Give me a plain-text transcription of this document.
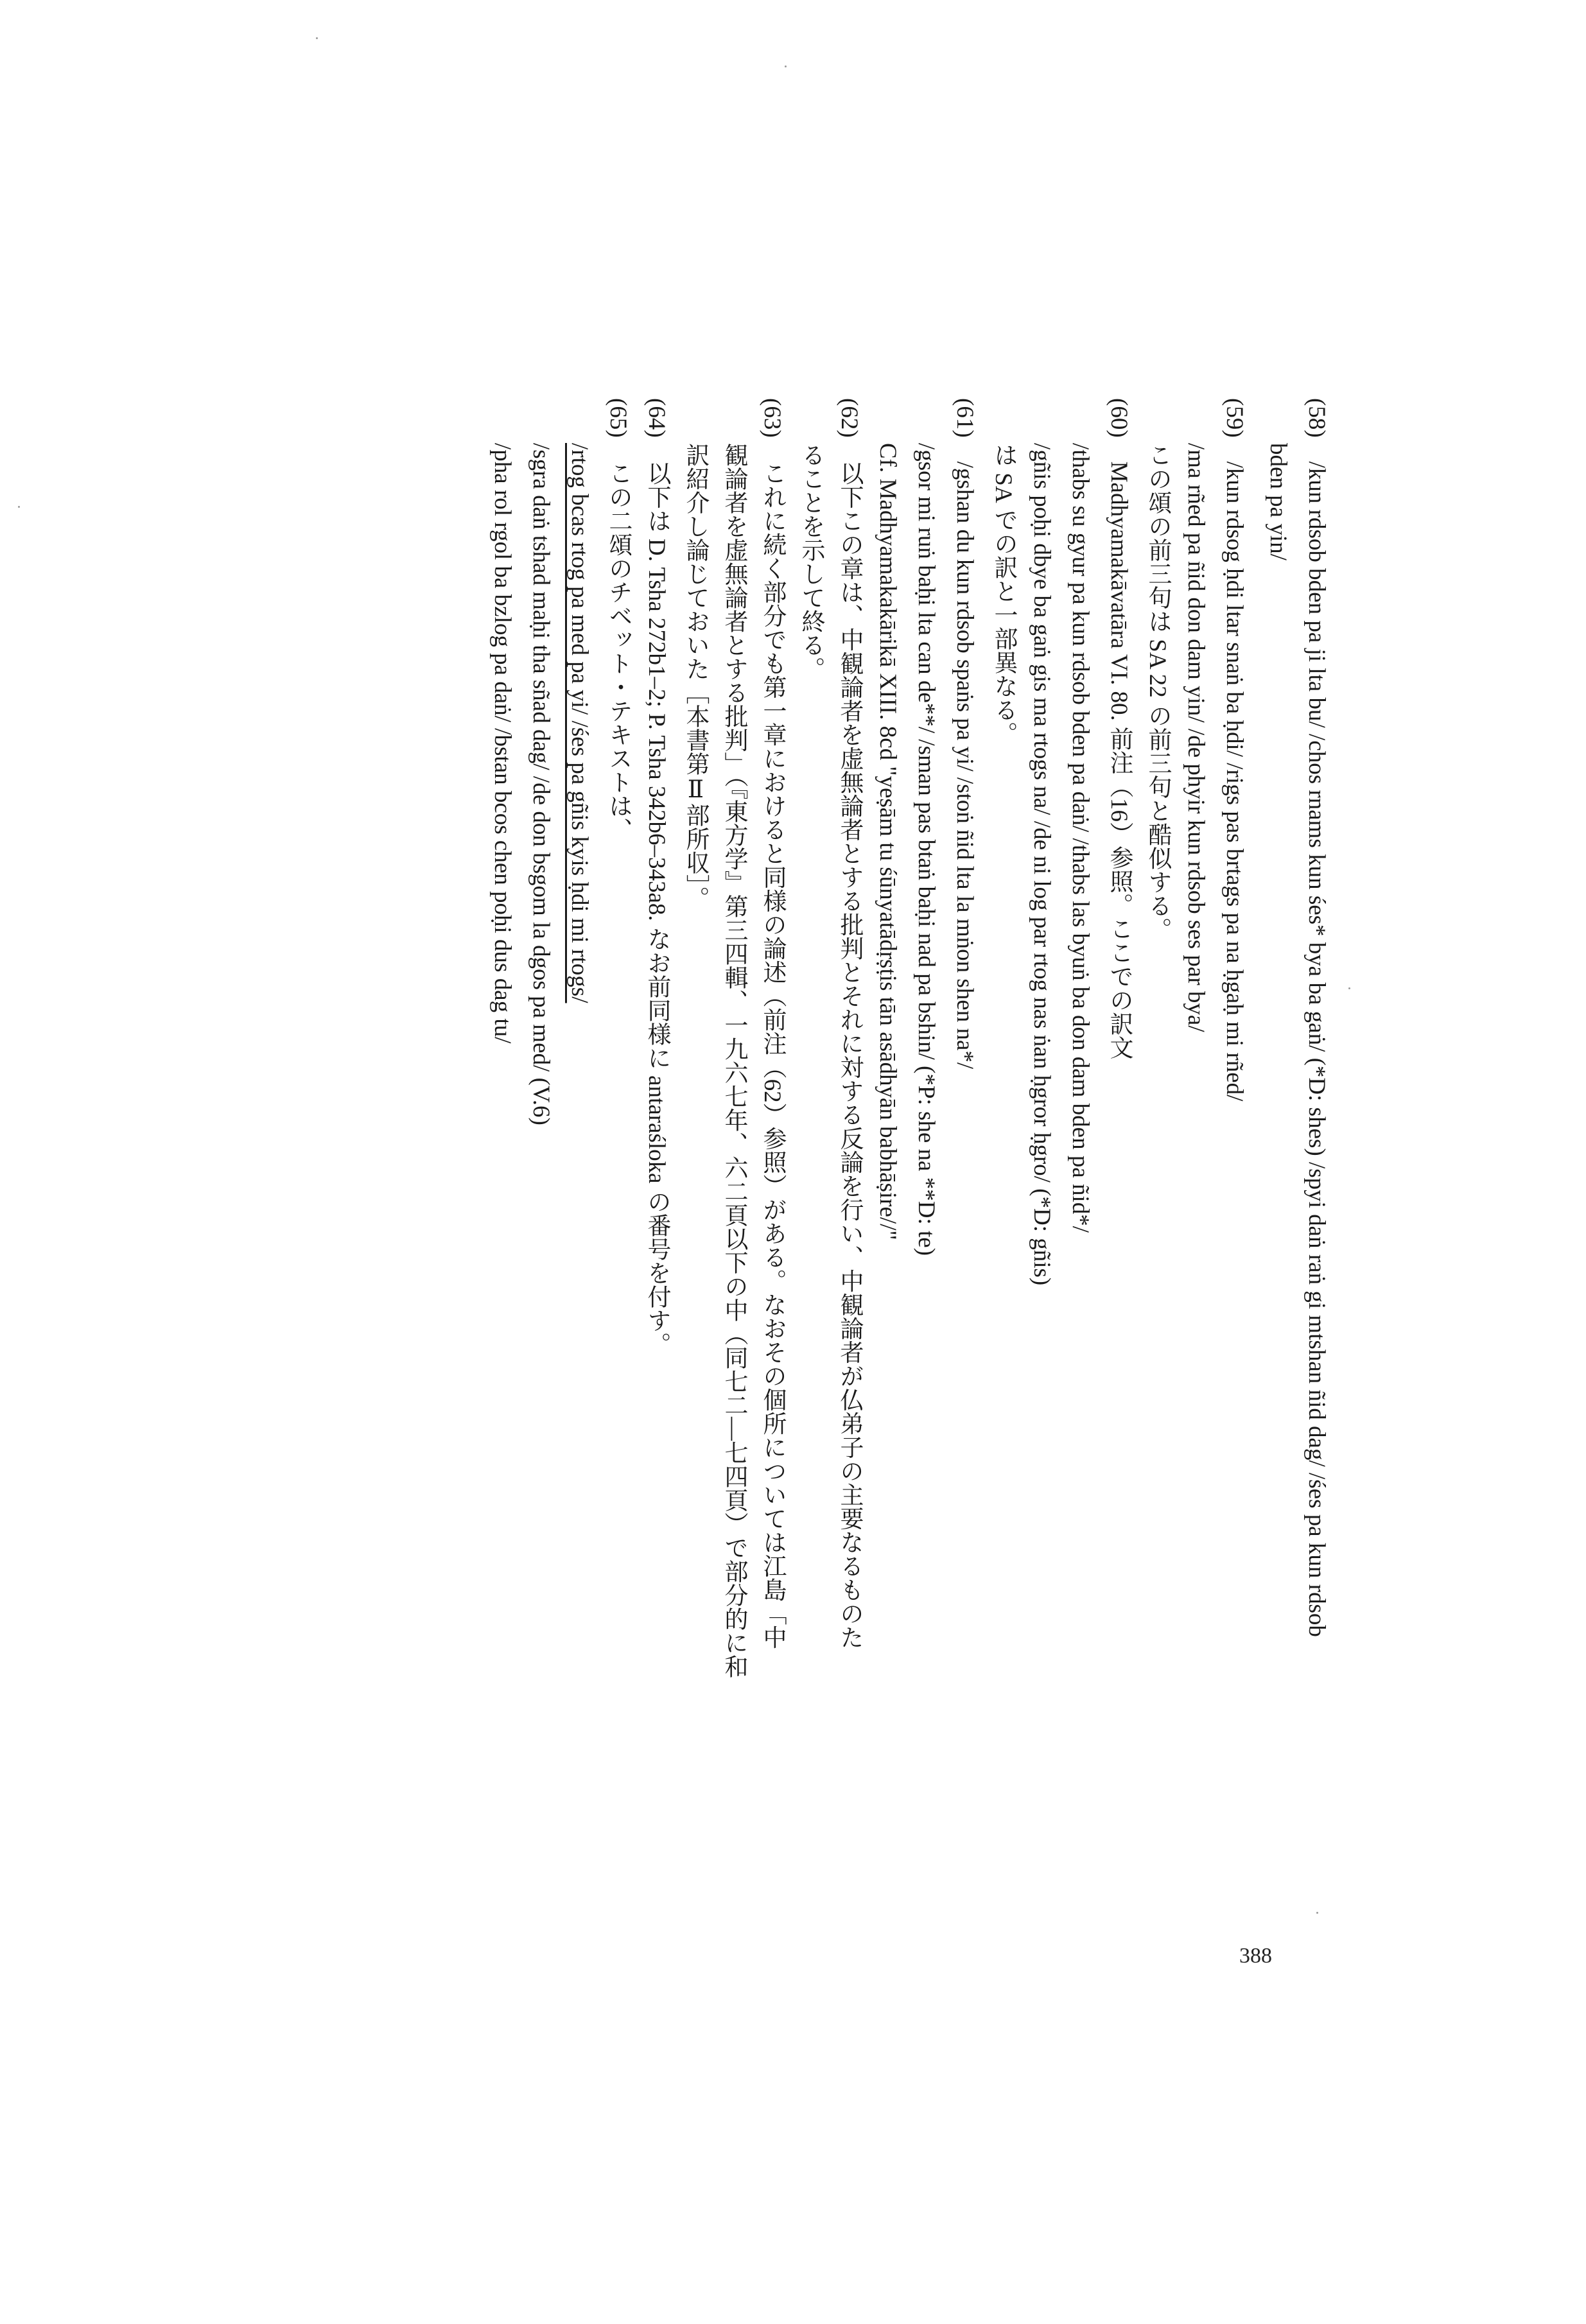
(58)　/kun rdsob bden pa ji lta bu/ /chos rnams kun śes* bya ba gaṅ/ (*D: shes) /spyi daṅ raṅ gi mtshan ñid dag/ /śes pa kun rdsob
bden pa yin/
(59)　/kun rdsog ḥdi ltar snaṅ ba ḥdi/ /rigs pas brtags pa na ḥgaḥ mi rñed/
/ma rñed pa ñid don dam yin/ /de phyir kun rdsob ses par bya/
この頌の前三句は SA 22 の前三句と酷似する。
(60)　Madhyamakāvatāra VI. 80. 前注（16）参照。ここでの訳文
/thabs su gyur pa kun rdsob bden pa daṅ/ /thabs las byuṅ ba don dam bden pa ñid*/
/gñis poḥi dbye ba gaṅ gis ma rtogs na/ /de ni log par rtog nas ṅan ḥgror ḥgro/ (*D: gñis)
は SA での訳と一部異なる。
(61)　/gshan du kun rdsob spaṅs pa yi/ /stoṅ ñid lta la mṅon shen na*/
/gsor mi ruṅ baḥi lta can de**/ /sman pas btaṅ baḥi nad pa bshin/ (*P: she na **D: te)
Cf. Madhyamakakārikā XIII. 8cd "yeṣām tu śūnyatādṛṣṭis tān asādhyān babhāṣire//"
(62)　以下この章は、中観論者を虚無論者とする批判とそれに対する反論を行い、中観論者が仏弟子の主要なるものた
ることを示して終る。
(63)　これに続く部分でも第一章におけると同様の論述（前注（62）参照）がある。なおその個所については江島「中
観論者を虚無論者とする批判」（『東方学』第三四輯、一九六七年、六二頁以下の中（同七二—七四頁）で部分的に和
訳紹介し論じておいた［本書第Ⅱ部所収］。
(64)　以下は D. Tsha 272b1–2; P. Tsha 342b6–343a8. なお前同様に antaraśloka の番号を付す。
(65)　この二頌のチベット・テキストは、
/rtog bcas rtog pa med pa yi/ /śes pa gñis kyis ḥdi mi rtogs/
/sgra daṅ tshad maḥi tha sñad dag/ /de don bsgom la dgos pa med/ (V.6)
/pha rol rgol ba bzlog pa daṅ/ /bstan bcos chen poḥi dus dag tu/
388
